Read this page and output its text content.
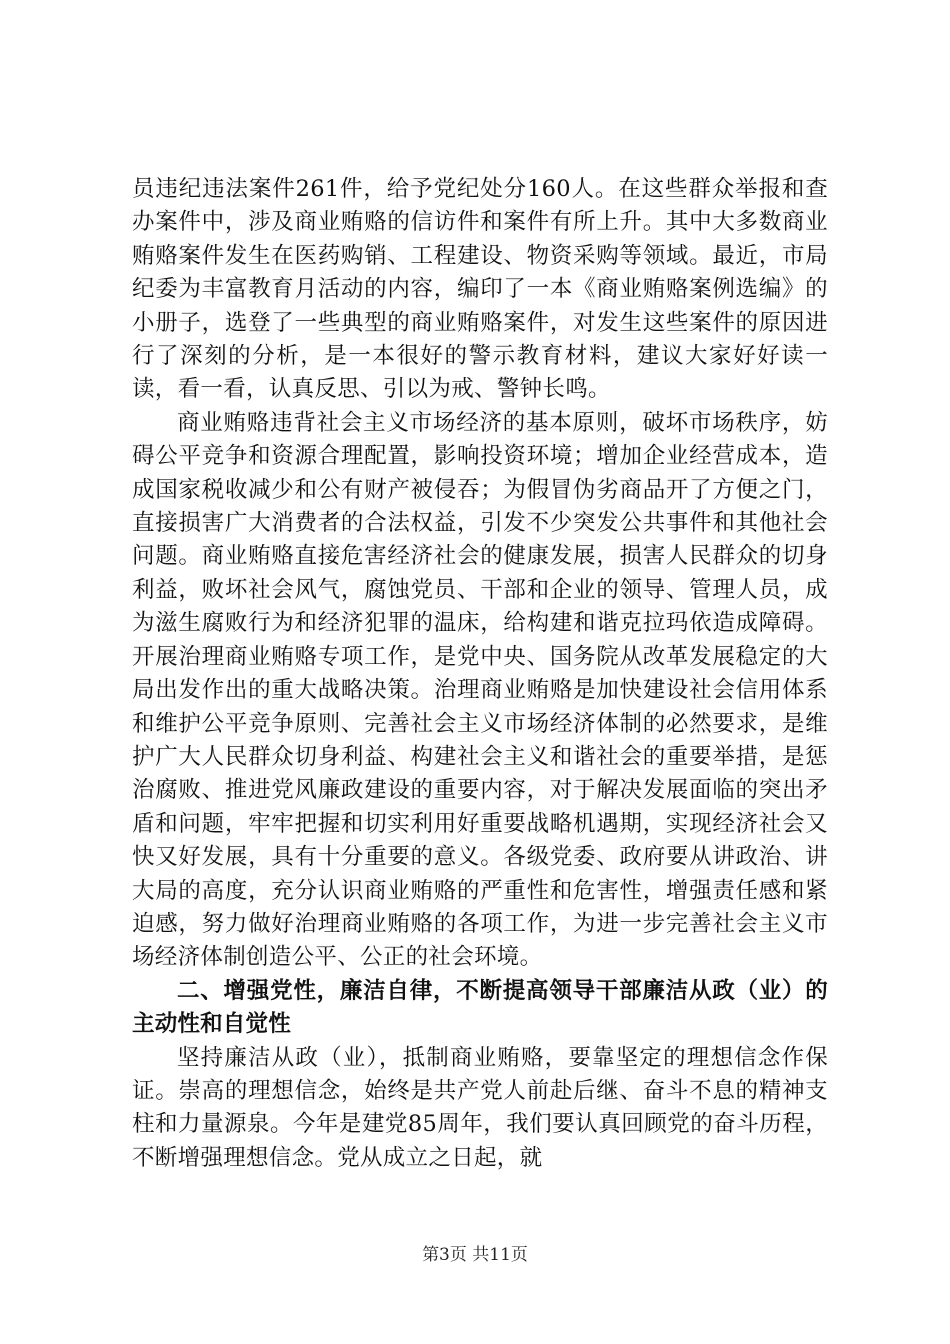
员违纪违法案件261件，给予党纪处分160人。在这些群众举报和查办案件中，涉及商业贿赂的信访件和案件有所上升。其中大多数商业贿赂案件发生在医药购销、工程建设、物资采购等领域。最近，市局纪委为丰富教育月活动的内容，编印了一本《商业贿赂案例选编》的小册子，选登了一些典型的商业贿赂案件，对发生这些案件的原因进行了深刻的分析，是一本很好的警示教育材料，建议大家好好读一读，看一看，认真反思、引以为戒、警钟长鸣。

商业贿赂违背社会主义市场经济的基本原则，破坏市场秩序，妨碍公平竞争和资源合理配置，影响投资环境；增加企业经营成本，造成国家税收减少和公有财产被侵吞；为假冒伪劣商品开了方便之门，直接损害广大消费者的合法权益，引发不少突发公共事件和其他社会问题。商业贿赂直接危害经济社会的健康发展，损害人民群众的切身利益，败坏社会风气，腐蚀党员、干部和企业的领导、管理人员，成为滋生腐败行为和经济犯罪的温床，给构建和谐克拉玛依造成障碍。开展治理商业贿赂专项工作，是党中央、国务院从改革发展稳定的大局出发作出的重大战略决策。治理商业贿赂是加快建设社会信用体系和维护公平竞争原则、完善社会主义市场经济体制的必然要求，是维护广大人民群众切身利益、构建社会主义和谐社会的重要举措，是惩治腐败、推进党风廉政建设的重要内容，对于解决发展面临的突出矛盾和问题，牢牢把握和切实利用好重要战略机遇期，实现经济社会又快又好发展，具有十分重要的意义。各级党委、政府要从讲政治、讲大局的高度，充分认识商业贿赂的严重性和危害性，增强责任感和紧迫感，努力做好治理商业贿赂的各项工作，为进一步完善社会主义市场经济体制创造公平、公正的社会环境。

二、增强党性，廉洁自律，不断提高领导干部廉洁从政（业）的主动性和自觉性

坚持廉洁从政（业），抵制商业贿赂，要靠坚定的理想信念作保证。崇高的理想信念，始终是共产党人前赴后继、奋斗不息的精神支柱和力量源泉。今年是建党85周年，我们要认真回顾党的奋斗历程，不断增强理想信念。党从成立之日起，就

第3页 共11页
